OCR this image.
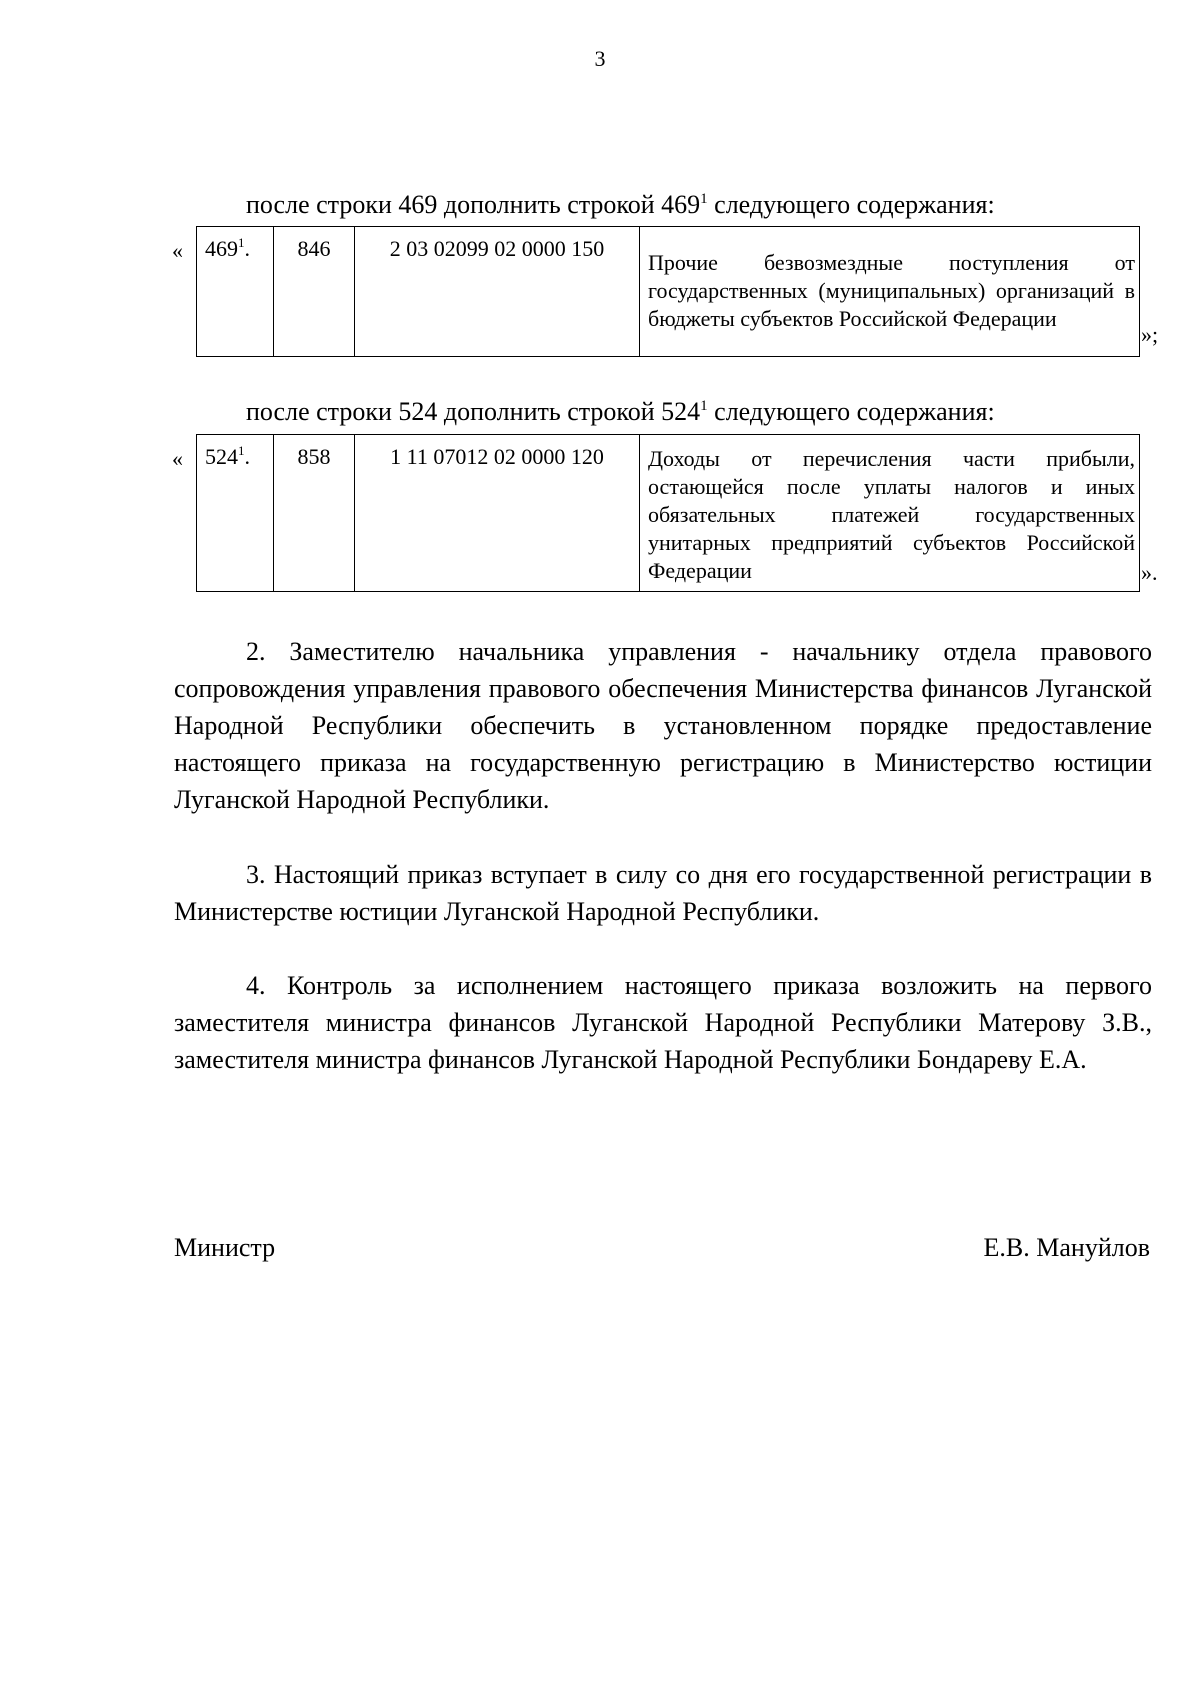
3
после строки 469 дополнить строкой $469^1$ следующего содержания:
« $469^1$.	846	2 03 02099 02 0000 150	Прочие безвозмездные поступления от государственных (муниципальных) организаций в бюджеты субъектов Российской Федерации
»;
после строки 524 дополнить строкой $524^1$ следующего содержания:
« $524^1$.	858	1 11 07012 02 0000 120	Доходы от перечисления части прибыли, остающейся после уплаты налогов и иных обязательных платежей государственных унитарных предприятий субъектов Российской Федерации	».
2. Заместителю начальника управления - начальнику отдела правового сопровождения управления правового обеспечения Министерства финансов Луганской Народной Республики обеспечить в установленном порядке предоставление настоящего приказа на государственную регистрацию в Министерство юстиции Луганской Народной Республики.
3. Настоящий приказ вступает в силу со дня его государственной регистрации в Министерстве юстиции Луганской Народной Республики.
4. Контроль за исполнением настоящего приказа возложить на первого заместителя министра финансов Луганской Народной Республики Матерову З.В., заместителя министра финансов Луганской Народной Республики Бондареву Е.А.
Министр	Е.В. Мануйлов
